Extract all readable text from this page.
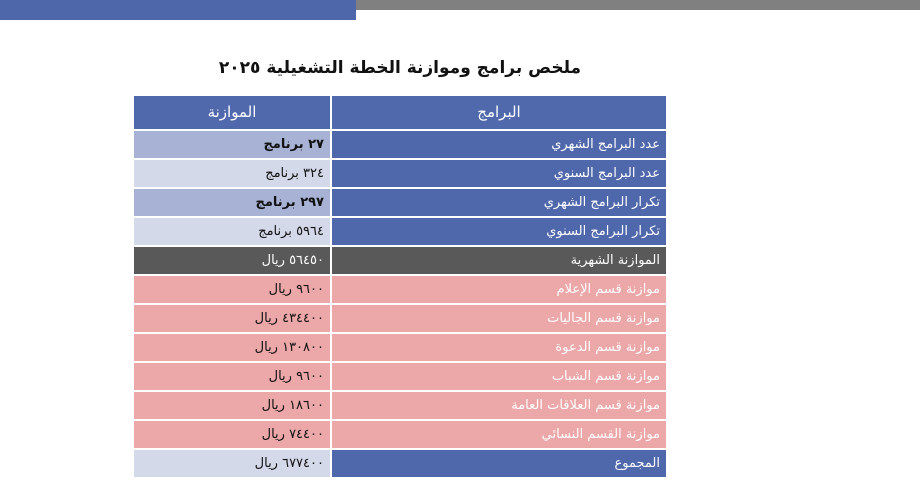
ملخص برامج وموازنة الخطة التشغيلية ٢٠٢٥
الموازنة	البرامج
٢٧ برنامج	عدد البرامج الشهري
٣٢٤ برنامج	عدد البرامج السنوي
٢٩٧ برنامج	تكرار البرامج الشهري
٥٩٦٤ برنامج	تكرار البرامج السنوي
٥٦٤٥٠ ريال	الموازنة الشهرية
٩٦٠٠ ريال	موازنة قسم الإعلام
٤٣٤٤٠٠ ريال	موازنة قسم الجاليات
١٣٠٨٠٠ ريال	موازنة قسم الدعوة
٩٦٠٠ ريال	موازنة قسم الشباب
١٨٦٠٠ ريال	موازنة قسم العلاقات العامة
٧٤٤٠٠ ريال	موازنة القسم النسائي
٦٧٧٤٠٠ ريال	المجموع
